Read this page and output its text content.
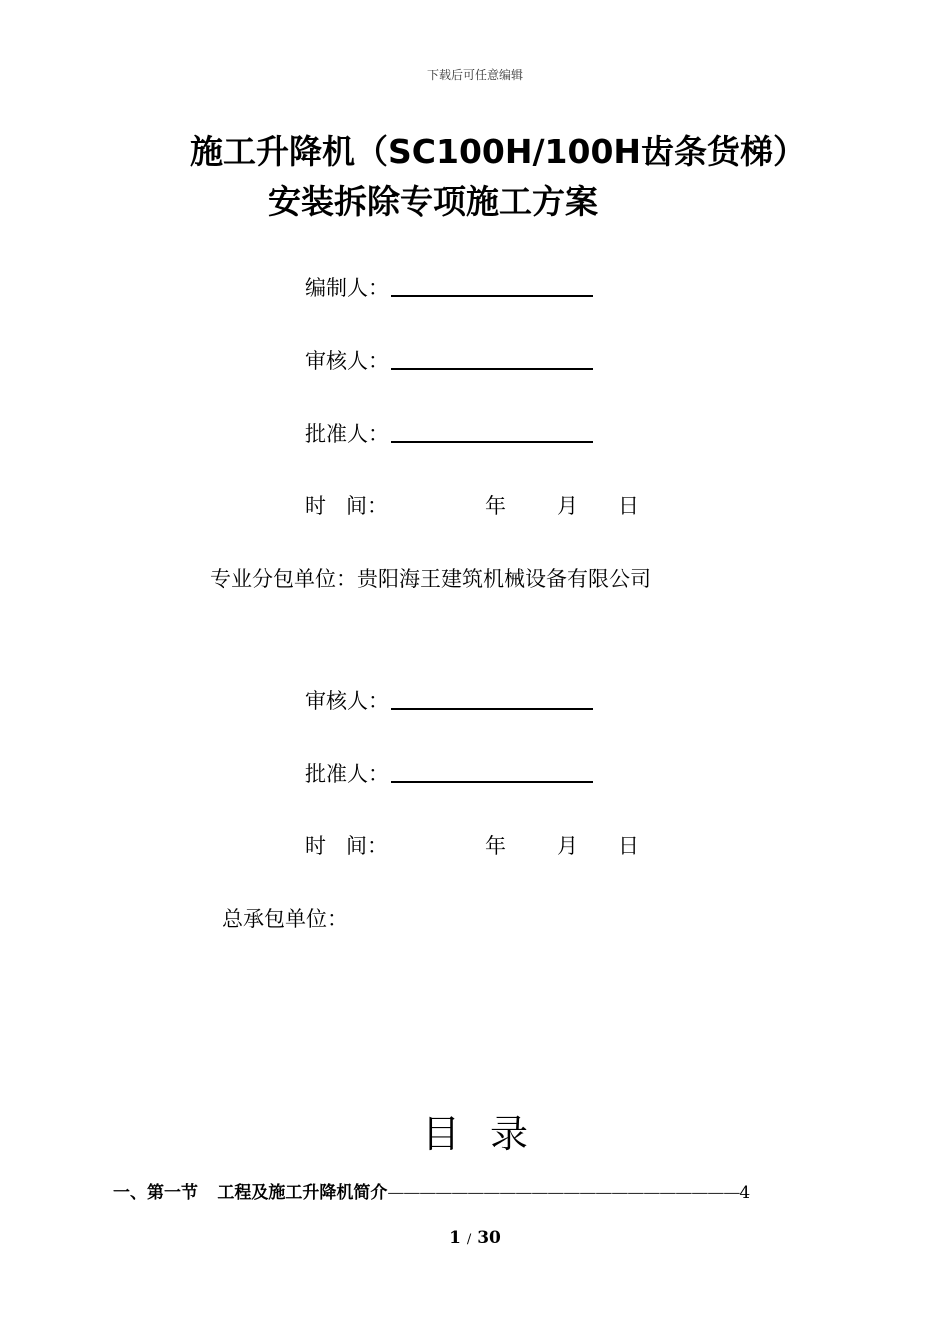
下载后可任意编辑
施工升降机（SC100H/100H齿条货梯）
安装拆除专项施工方案
编制人：
审核人：
批准人：
时   间：	年 月 日
专业分包单位：贵阳海王建筑机械设备有限公司
审核人：
批准人：
时   间：	年 月 日
总承包单位：
目录
一、第一节 工程及施工升降机简介——————————————————————4
1 / 30
